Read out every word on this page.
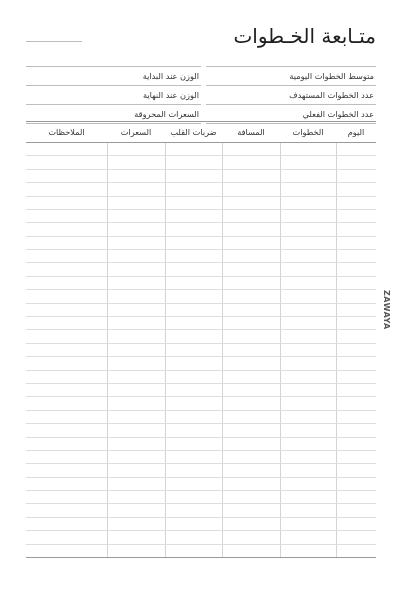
متـابعة الخـطوات
متوسط الخطوات اليومية
عدد الخطوات المستهدف
عدد الخطوات الفعلي
الوزن عند البداية
الوزن عند النهاية
السعرات المحروقة
اليوم
الخطوات
المسافة
ضربات القلب
السعرات
الملاحظات
ZAWAYA
